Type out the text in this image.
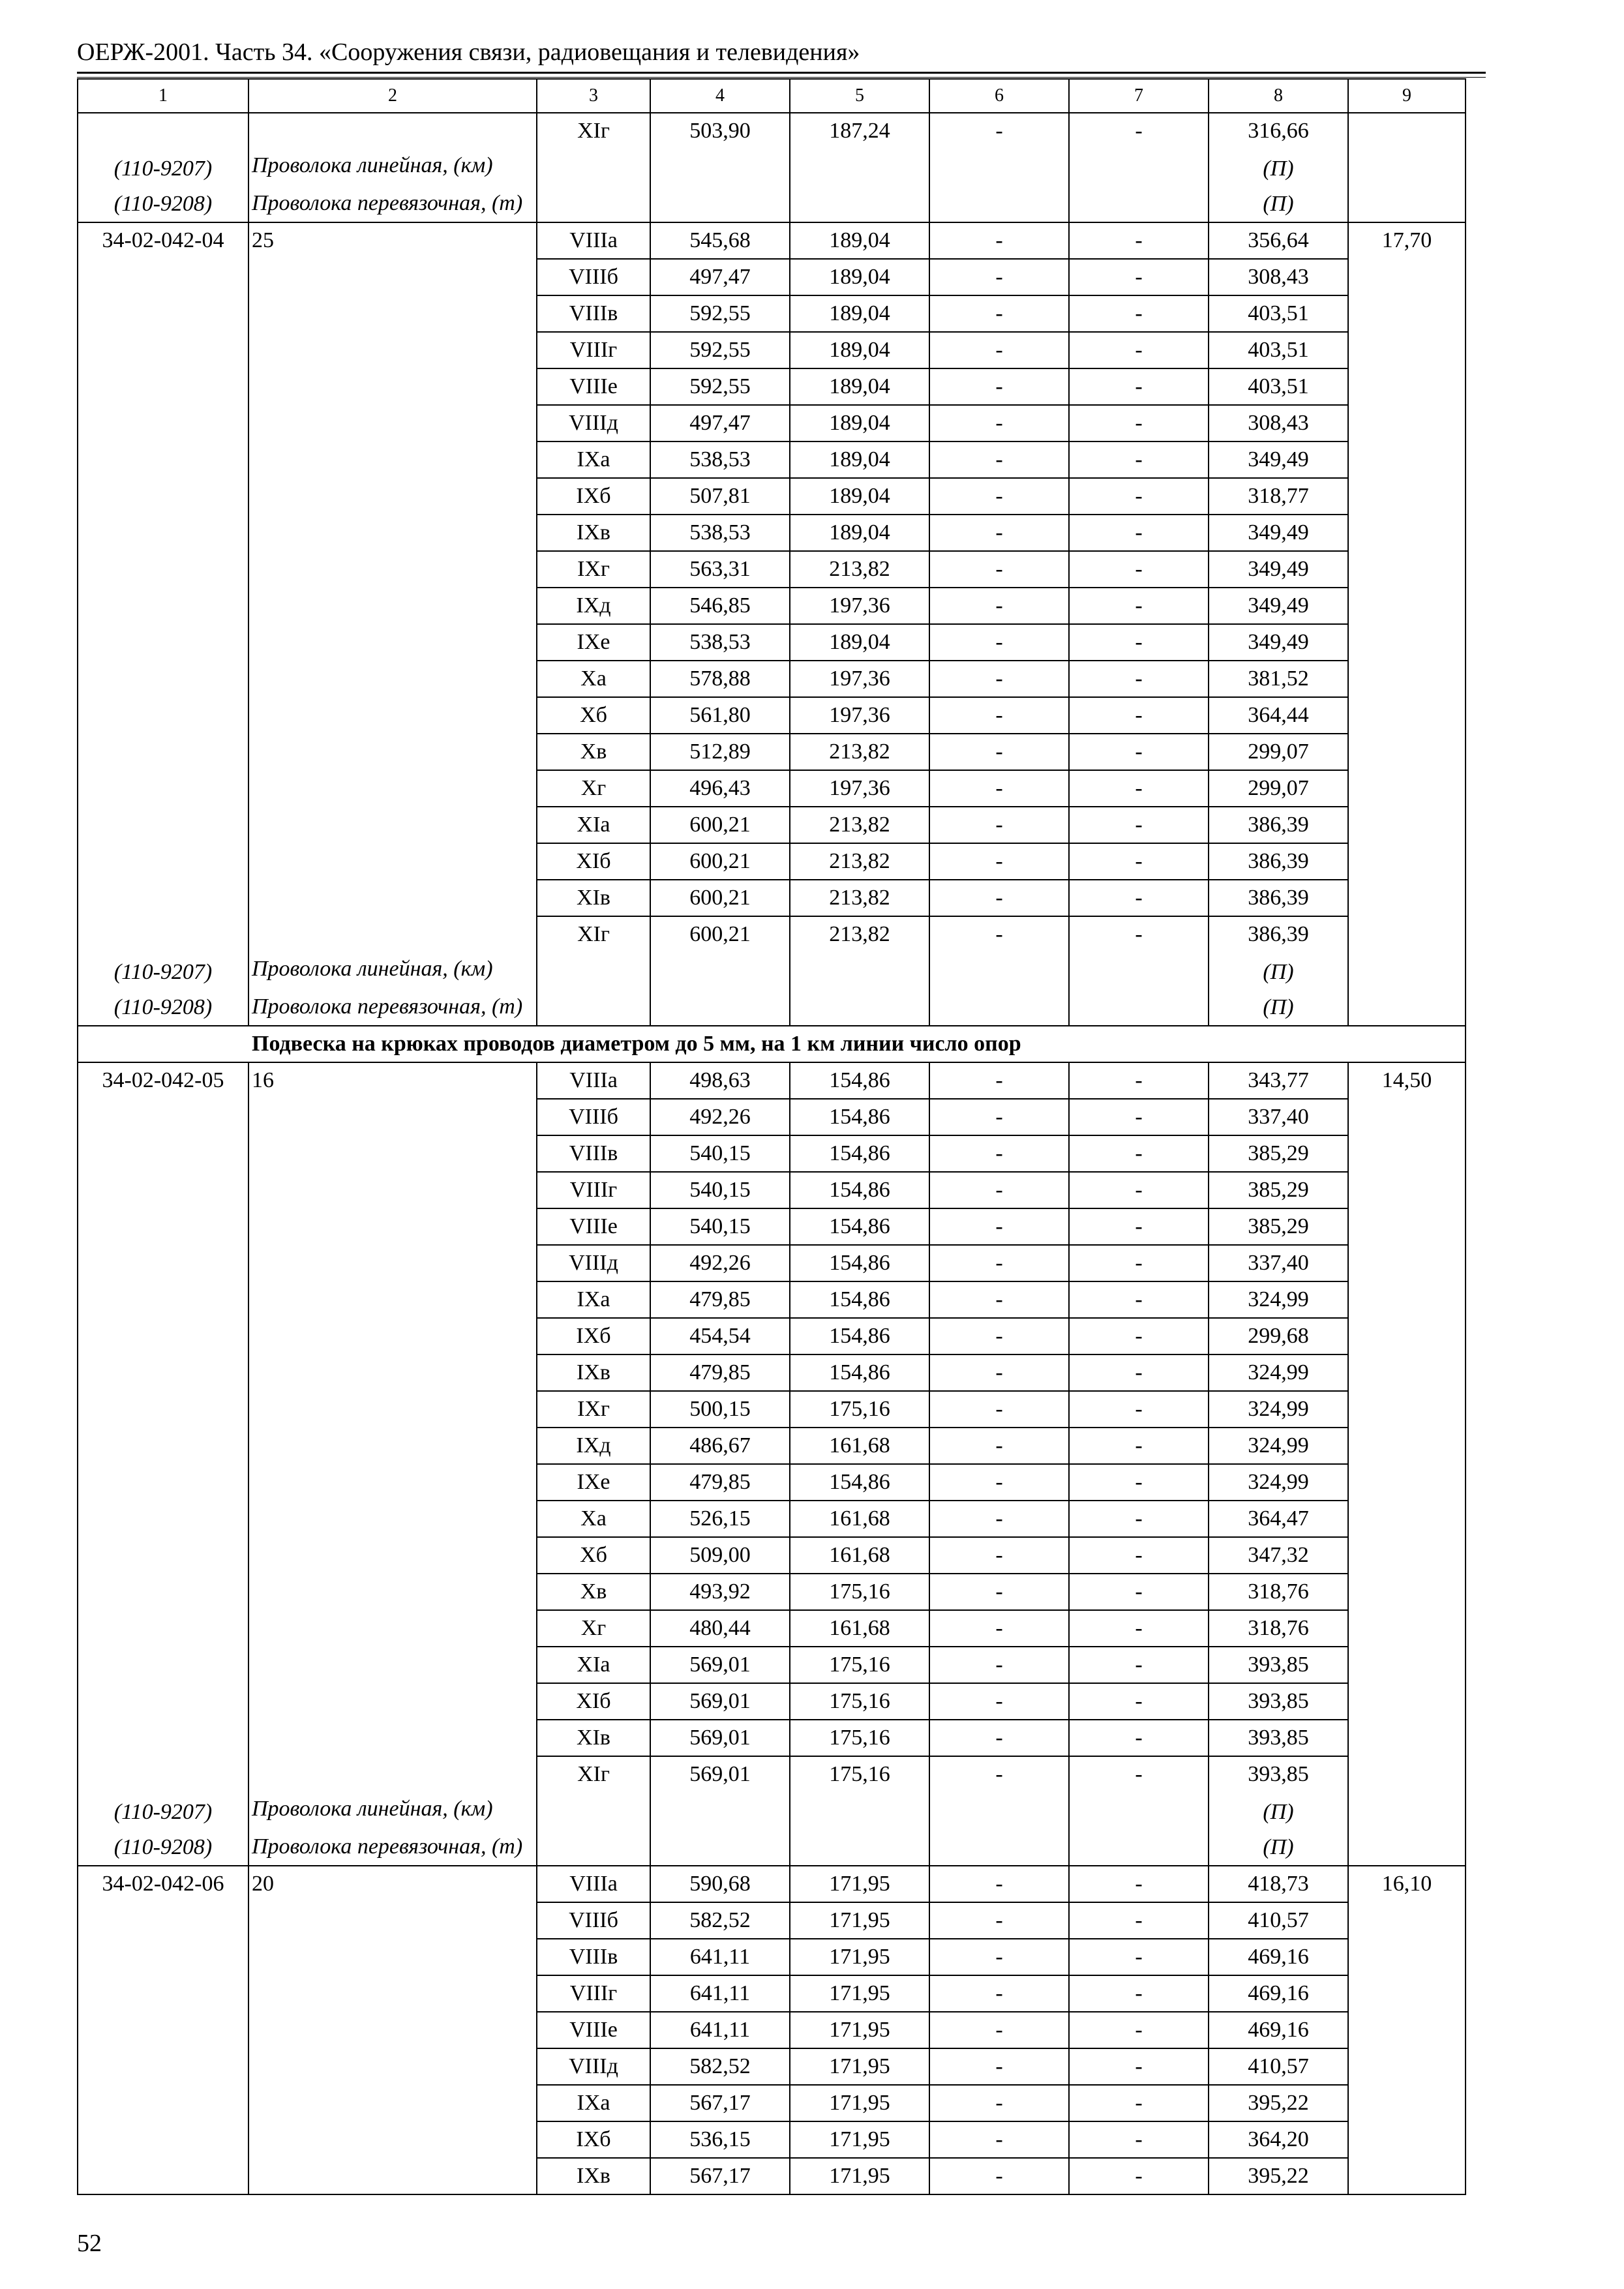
ОЕРЖ-2001. Часть 34. «Сооружения связи, радиовещания и телевидения»
1	2	3	4	5	6	7	8	9
		XIг	503,90	187,24	-	-	316,66	
(110-9207)	Проволока линейная, (км)						(П)	
(110-9208)	Проволока перевязочная, (т)						(П)	
34-02-042-04	25	VIIIа	545,68	189,04	-	-	356,64	17,70
		VIIIб	497,47	189,04	-	-	308,43	
		VIIIв	592,55	189,04	-	-	403,51	
		VIIIг	592,55	189,04	-	-	403,51	
		VIIIе	592,55	189,04	-	-	403,51	
		VIIIд	497,47	189,04	-	-	308,43	
		IXа	538,53	189,04	-	-	349,49	
		IXб	507,81	189,04	-	-	318,77	
		IXв	538,53	189,04	-	-	349,49	
		IXг	563,31	213,82	-	-	349,49	
		IXд	546,85	197,36	-	-	349,49	
		IXе	538,53	189,04	-	-	349,49	
		Xа	578,88	197,36	-	-	381,52	
		Xб	561,80	197,36	-	-	364,44	
		Xв	512,89	213,82	-	-	299,07	
		Xг	496,43	197,36	-	-	299,07	
		XIа	600,21	213,82	-	-	386,39	
		XIб	600,21	213,82	-	-	386,39	
		XIв	600,21	213,82	-	-	386,39	
		XIг	600,21	213,82	-	-	386,39	
(110-9207)	Проволока линейная, (км)						(П)	
(110-9208)	Проволока перевязочная, (т)						(П)	
Подвеска на крюках проводов диаметром до 5 мм, на 1 км линии число опор								
34-02-042-05	16	VIIIа	498,63	154,86	-	-	343,77	14,50
		VIIIб	492,26	154,86	-	-	337,40	
		VIIIв	540,15	154,86	-	-	385,29	
		VIIIг	540,15	154,86	-	-	385,29	
		VIIIе	540,15	154,86	-	-	385,29	
		VIIIд	492,26	154,86	-	-	337,40	
		IXа	479,85	154,86	-	-	324,99	
		IXб	454,54	154,86	-	-	299,68	
		IXв	479,85	154,86	-	-	324,99	
		IXг	500,15	175,16	-	-	324,99	
		IXд	486,67	161,68	-	-	324,99	
		IXе	479,85	154,86	-	-	324,99	
		Xа	526,15	161,68	-	-	364,47	
		Xб	509,00	161,68	-	-	347,32	
		Xв	493,92	175,16	-	-	318,76	
		Xг	480,44	161,68	-	-	318,76	
		XIа	569,01	175,16	-	-	393,85	
		XIб	569,01	175,16	-	-	393,85	
		XIв	569,01	175,16	-	-	393,85	
		XIг	569,01	175,16	-	-	393,85	
(110-9207)	Проволока линейная, (км)						(П)	
(110-9208)	Проволока перевязочная, (т)						(П)	
34-02-042-06	20	VIIIа	590,68	171,95	-	-	418,73	16,10
		VIIIб	582,52	171,95	-	-	410,57	
		VIIIв	641,11	171,95	-	-	469,16	
		VIIIг	641,11	171,95	-	-	469,16	
		VIIIе	641,11	171,95	-	-	469,16	
		VIIIд	582,52	171,95	-	-	410,57	
		IXа	567,17	171,95	-	-	395,22	
		IXб	536,15	171,95	-	-	364,20	
		IXв	567,17	171,95	-	-	395,22	
52
